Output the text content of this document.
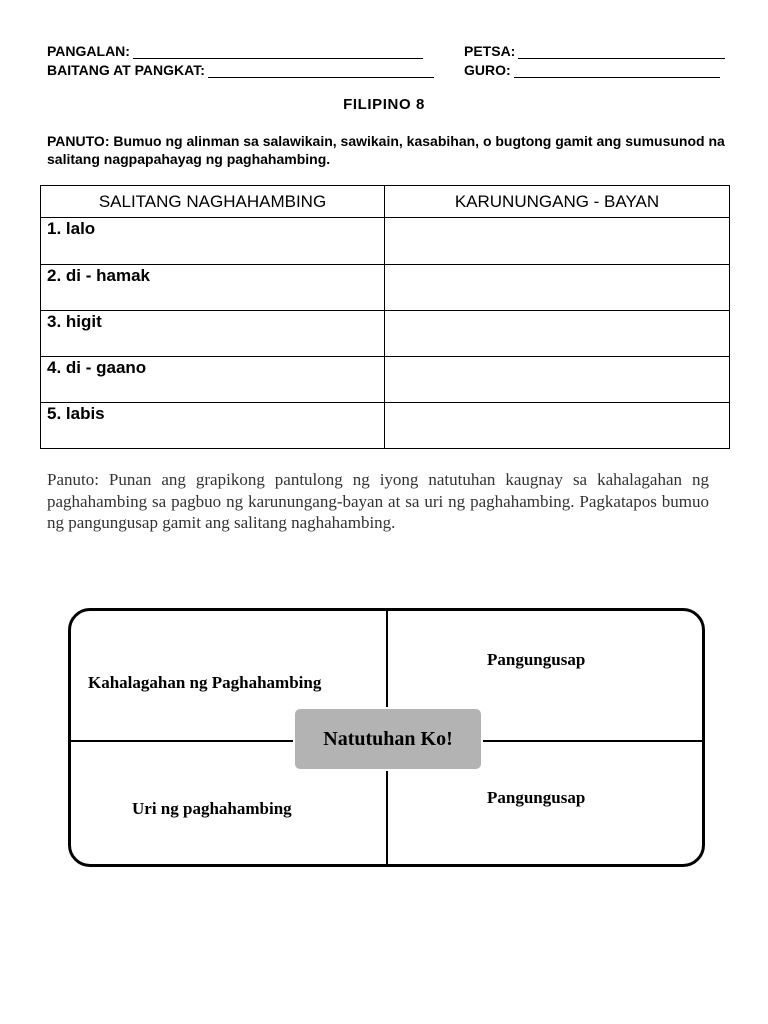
PANGALAN:	PETSA:
BAITANG AT PANGKAT:	GURO:
FILIPINO 8
PANUTO: Bumuo ng alinman sa salawikain, sawikain, kasabihan, o bugtong gamit ang sumusunod na salitang nagpapahayag ng paghahambing.
SALITANG NAGHAHAMBING	KARUNUNGANG - BAYAN
1. lalo	
2. di - hamak	
3. higit	
4. di - gaano	
5. labis	
Panuto: Punan ang grapikong pantulong ng iyong natutuhan kaugnay sa kahalagahan ng paghahambing sa pagbuo ng karunungang-bayan at sa uri ng paghahambing. Pagkatapos bumuo ng pangungusap gamit ang salitang naghahambing.
Kahalagahan ng Paghahambing
Pangungusap
Uri ng paghahambing
Pangungusap
Natutuhan Ko!
